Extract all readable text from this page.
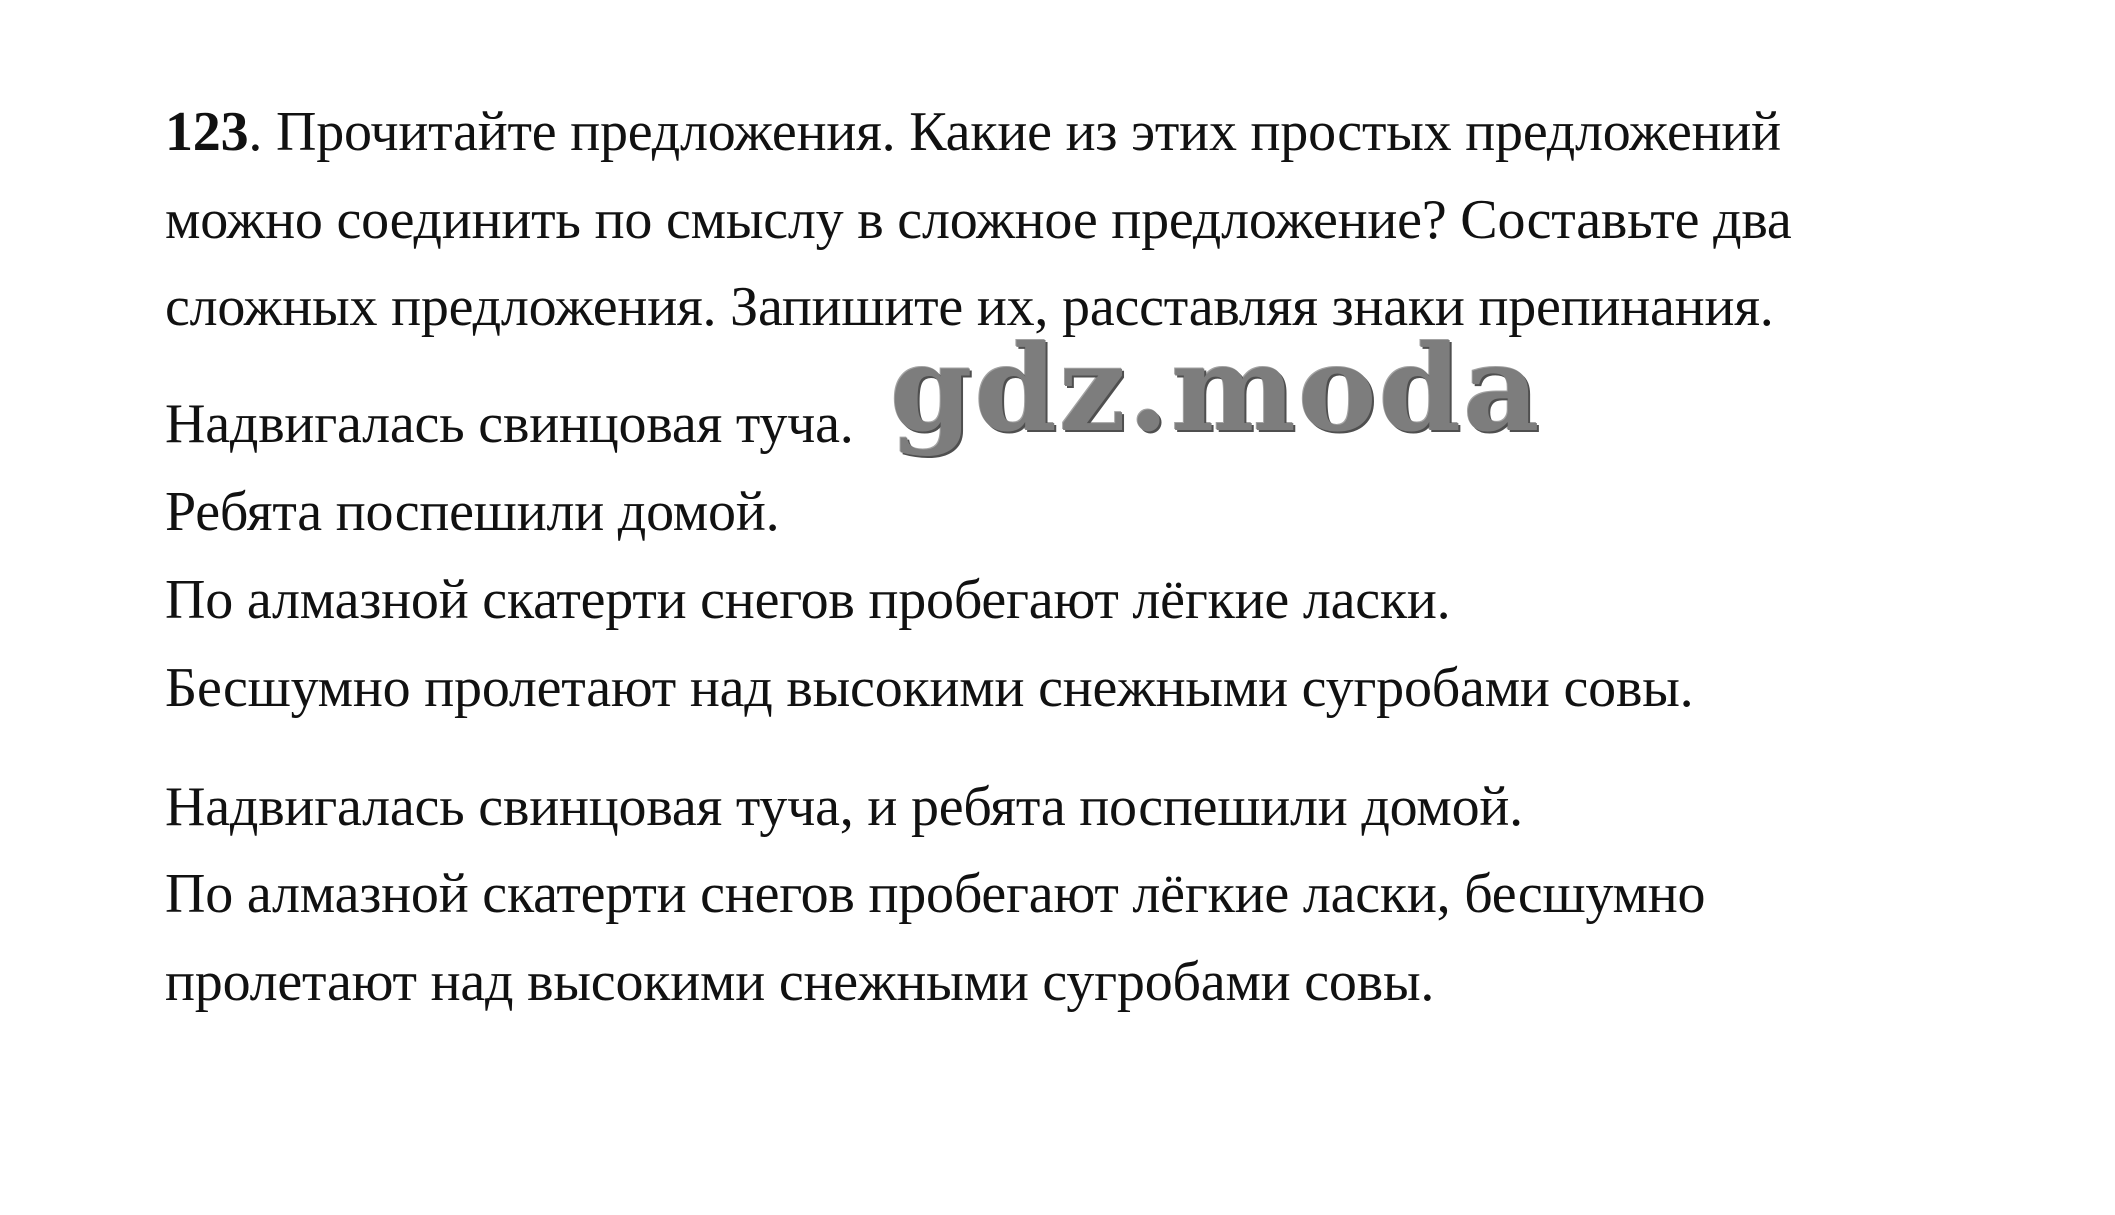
123. Прочитайте предложения. Какие из этих простых предложений
можно соединить по смыслу в сложное предложение? Составьте два
сложных предложения. Запишите их, расставляя знаки препинания.
Надвигалась свинцовая туча.
Ребята поспешили домой.
По алмазной скатерти снегов пробегают лёгкие ласки.
Бесшумно пролетают над высокими снежными сугробами совы.
Надвигалась свинцовая туча, и ребята поспешили домой.
По алмазной скатерти снегов пробегают лёгкие ласки, бесшумно
пролетают над высокими снежными сугробами совы.
gdz.moda
